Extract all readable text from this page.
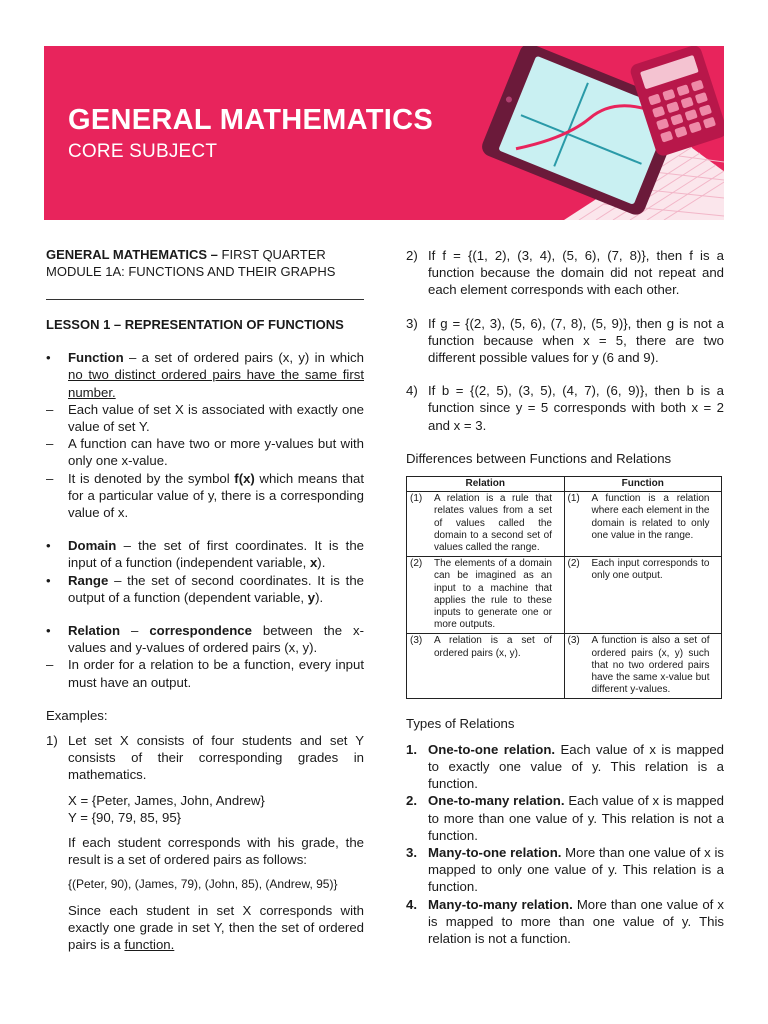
GENERAL MATHEMATICS
CORE SUBJECT

GENERAL MATHEMATICS – FIRST QUARTER

MODULE 1A: FUNCTIONS AND THEIR GRAPHS

LESSON 1 – REPRESENTATION OF FUNCTIONS

• Function – a set of ordered pairs (x, y) in which no two distinct ordered pairs have the same first number.
– Each value of set X is associated with exactly one value of set Y.
– A function can have two or more y-values but with only one x-value.
– It is denoted by the symbol f(x) which means that for a particular value of y, there is a corresponding value of x.
• Domain – the set of first coordinates. It is the input of a function (independent variable, x).
• Range – the set of second coordinates. It is the output of a function (dependent variable, y).
• Relation – correspondence between the x-values and y-values of ordered pairs (x, y).
– In order for a relation to be a function, every input must have an output.

Examples:

1) Let set X consists of four students and set Y consists of their corresponding grades in mathematics.

X = {Peter, James, John, Andrew}

Y = {90, 79, 85, 95}

If each student corresponds with his grade, the result is a set of ordered pairs as follows:

{(Peter, 90), (James, 79), (John, 85), (Andrew, 95)}

Since each student in set X corresponds with exactly one grade in set Y, then the set of ordered pairs is a function.
2) If f = {(1, 2), (3, 4), (5, 6), (7, 8)}, then f is a function because the domain did not repeat and each element corresponds with each other.
3) If g = {(2, 3), (5, 6), (7, 8), (5, 9)}, then g is not a function because when x = 5, there are two different possible values for y (6 and 9).
4) If b = {(2, 5), (3, 5), (4, 7), (6, 9)}, then b is a function since y = 5 corresponds with both x = 2 and x = 3.

Differences between Functions and Relations

Relation	Function
(1) A relation is a rule that relates values from a set of values called the domain to a second set of values called the range.	(1) A function is a relation where each element in the domain is related to only one value in the range.
(2) The elements of a domain can be imagined as an input to a machine that applies the rule to these inputs to generate one or more outputs.	(2) Each input corresponds to only one output.
(3) A relation is a set of ordered pairs (x, y).	(3) A function is also a set of ordered pairs (x, y) such that no two ordered pairs have the same x-value but different y-values.

Types of Relations

1. One-to-one relation. Each value of x is mapped to exactly one value of y. This relation is a function.
2. One-to-many relation. Each value of x is mapped to more than one value of y. This relation is not a function.
3. Many-to-one relation. More than one value of x is mapped to only one value of y. This relation is a function.
4. Many-to-many relation. More than one value of x is mapped to more than one value of y. This relation is not a function.
